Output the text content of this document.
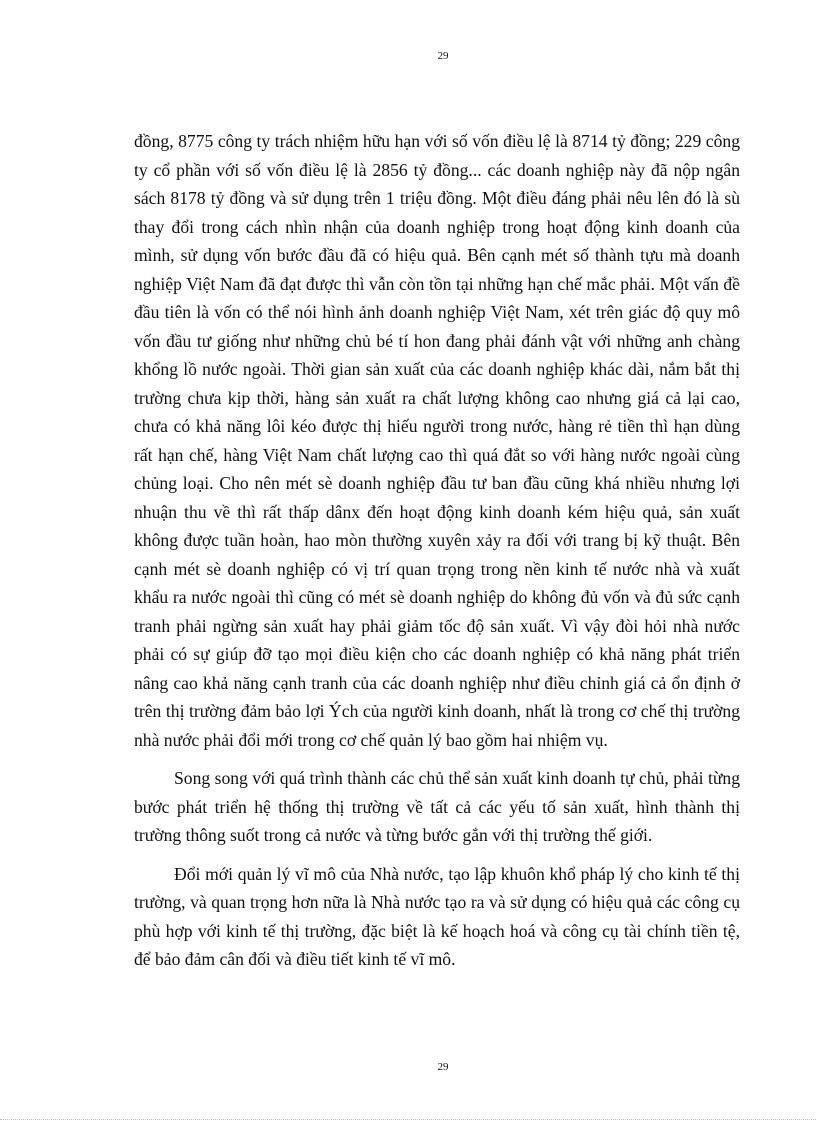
29

đồng, 8775 công ty trách nhiệm hữu hạn với số vốn điều lệ là 8714 tỷ đồng; 229 công ty cổ phần với số vốn điều lệ là 2856 tỷ đồng... các doanh nghiệp này đã nộp ngân sách 8178 tỷ đồng và sử dụng trên 1 triệu đồng. Một điều đáng phải nêu lên đó là sù thay đổi trong cách nhìn nhận của doanh nghiệp trong hoạt động kinh doanh của mình, sử dụng vốn bước đầu đã có hiệu quả. Bên cạnh mét số thành tựu mà doanh nghiệp Việt Nam đã đạt được thì vẫn còn tồn tại những hạn chế mắc phải. Một vấn đề đầu tiên là vốn có thể nói hình ảnh doanh nghiệp Việt Nam, xét trên giác độ quy mô vốn đầu tư giống như những chủ bé tí hon đang phải đánh vật với những anh chàng khổng lồ nước ngoài. Thời gian sản xuất của các doanh nghiệp khác dài, nắm bắt thị trường chưa kịp thời, hàng sản xuất ra chất lượng không cao nhưng giá cả lại cao, chưa có khả năng lôi kéo được thị hiếu người trong nước, hàng rẻ tiền thì hạn dùng rất hạn chế, hàng Việt Nam chất lượng cao thì quá đắt so với hàng nước ngoài cùng chủng loại. Cho nên mét sè doanh nghiệp đầu tư ban đầu cũng khá nhiều nhưng lợi nhuận thu về thì rất thấp dânx đến hoạt động kinh doanh kém hiệu quả, sản xuất không được tuần hoàn, hao mòn thường xuyên xảy ra đối với trang bị kỹ thuật. Bên cạnh mét sè doanh nghiệp có vị trí quan trọng trong nền kinh tế nước nhà và xuất khẩu ra nước ngoài thì cũng có mét sè doanh nghiệp do không đủ vốn và đủ sức cạnh tranh phải ngừng sản xuất hay phải giảm tốc độ sản xuất. Vì vậy đòi hỏi nhà nước phải có sự giúp đỡ tạo mọi điều kiện cho các doanh nghiệp có khả năng phát triển nâng cao khả năng cạnh tranh của các doanh nghiệp như điều chỉnh giá cả ổn định ở trên thị trường đảm bảo lợi Ých của người kinh doanh, nhất là trong cơ chế thị trường nhà nước phải đổi mới trong cơ chế quản lý bao gồm hai nhiệm vụ.

Song song với quá trình thành các chủ thể sản xuất kinh doanh tự chủ, phải từng bước phát triển hệ thống thị trường về tất cả các yếu tố sản xuất, hình thành thị trường thông suốt trong cả nước và từng bước gắn với thị trường thế giới.

Đổi mới quản lý vĩ mô của Nhà nước, tạo lập khuôn khổ pháp lý cho kinh tế thị trường, và quan trọng hơn nữa là Nhà nước tạo ra và sử dụng có hiệu quả các công cụ phù hợp với kinh tế thị trường, đặc biệt là kế hoạch hoá và công cụ tài chính tiền tệ, để bảo đảm cân đối và điều tiết kinh tế vĩ mô.

29
